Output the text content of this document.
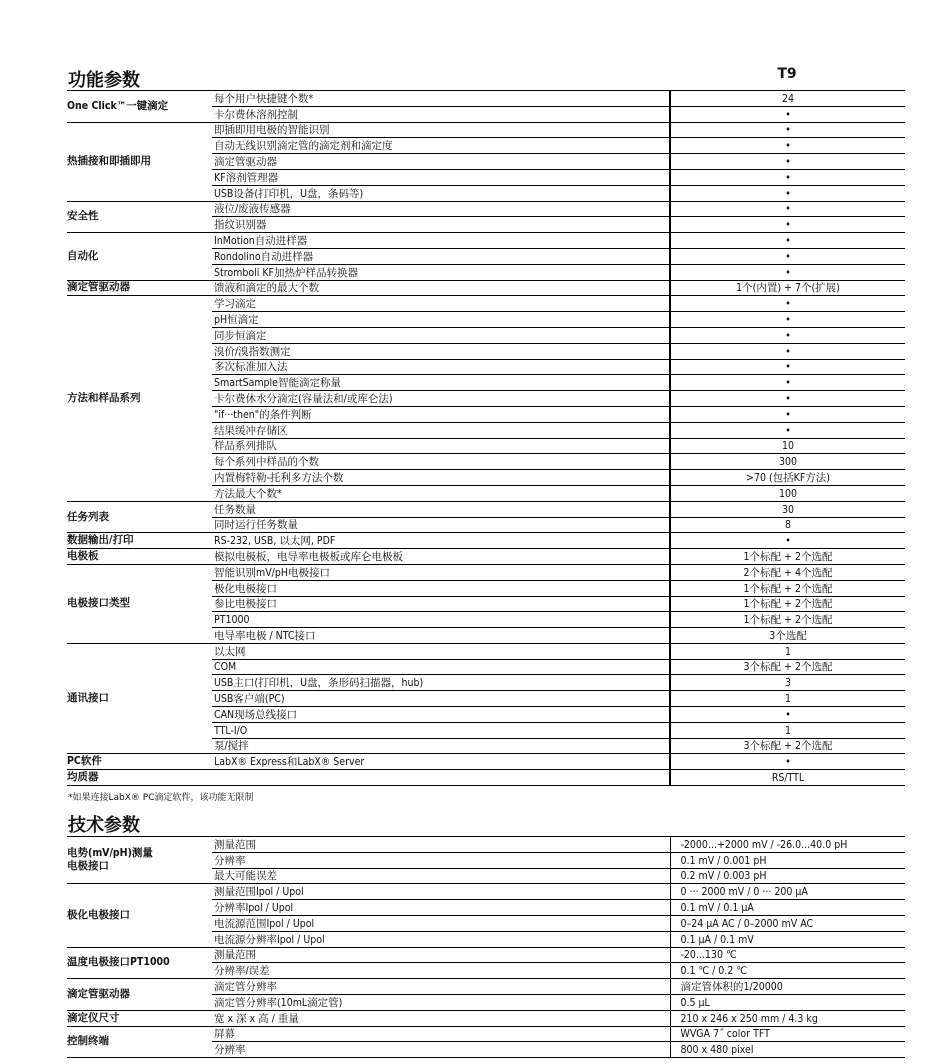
功能参数	T9
One Click™一键滴定	每个用户快捷键个数*	24
	卡尔费休溶剂控制	•
热插接和即插即用	即插即用电极的智能识别	•
	自动无线识别滴定管的滴定剂和滴定度	•
	滴定管驱动器	•
	KF溶剂管理器	•
	USB设备(打印机，U盘，条码等)	•
安全性	液位/废液传感器	•
	指纹识别器	•
自动化	InMotion自动进样器	•
	Rondolino自动进样器	•
	Stromboli KF加热炉样品转换器	•
滴定管驱动器	馈液和滴定的最大个数	1个(内置) + 7个(扩展)
方法和样品系列	学习滴定	•
	pH恒滴定	•
	同步恒滴定	•
	溴价/溴指数测定	•
	多次标准加入法	•
	SmartSample智能滴定称量	•
	卡尔费休水分滴定(容量法和/或库仑法)	•
	"if···then"的条件判断	•
	结果缓冲存储区	•
	样品系列排队	10
	每个系列中样品的个数	300
	内置梅特勒-托利多方法个数	>70 (包括KF方法)
	方法最大个数*	100
任务列表	任务数量	30
	同时运行任务数量	8
数据输出/打印	RS-232, USB, 以太网, PDF	•
电极板	模拟电极板，电导率电极板或库仑电极板	1个标配 + 2个选配
电极接口类型	智能识别mV/pH电极接口	2个标配 + 4个选配
	极化电极接口	1个标配 + 2个选配
	参比电极接口	1个标配 + 2个选配
	PT1000	1个标配 + 2个选配
	电导率电极 / NTC接口	3个选配
通讯接口	以太网	1
	COM	3个标配 + 2个选配
	USB主口(打印机，U盘，条形码扫描器，hub)	3
	USB客户端(PC)	1
	CAN现场总线接口	•
	TTL-I/O	1
	泵/搅拌	3个标配 + 2个选配
PC软件	LabX® Express和LabX® Server	•
均质器		RS/TTL
*如果连接LabX® PC滴定软件，该功能无限制
技术参数
电势(mV/pH)测量
电极接口	测量范围	-2000...+2000 mV / -26.0...40.0 pH
	分辨率	0.1 mV / 0.001 pH
	最大可能误差	0.2 mV / 0.003 pH
极化电极接口	测量范围Ipol / Upol	0 ··· 2000 mV / 0 ··· 200 μA
	分辨率Ipol / Upol	0.1 mV / 0.1 μA
	电流源范围Ipol / Upol	0–24 μA AC / 0–2000 mV AC
	电流源分辨率Ipol / Upol	0.1 μA / 0.1 mV
温度电极接口PT1000	测量范围	-20...130 ℃
	分辨率/误差	0.1 ℃ / 0.2 ℃
滴定管驱动器	滴定管分辨率	滴定管体积的1/20000
	滴定管分辨率(10mL滴定管)	0.5 μL
滴定仪尺寸	宽 x 深 x 高 / 重量	210 x 246 x 250 mm / 4.3 kg
控制终端	屏幕	WVGA 7˝ color TFT
	分辨率	800 x 480 pixel
